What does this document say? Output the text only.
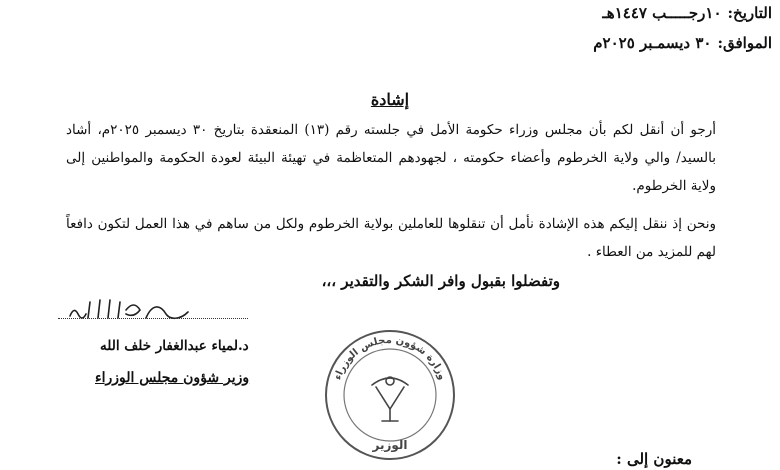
التاريخ:
١٠رجـــــب ١٤٤٧هـ
الموافق:
٣٠ ديسمـبر ٢٠٢٥م
إشادة
أرجو أن أنقل لكم بأن مجلس وزراء حكومة الأمل في جلسته رقم (١٣) المنعقدة بتاريخ ٣٠ ديسمبر ٢٠٢٥م، أشاد بالسيد/ والي ولاية الخرطوم وأعضاء حكومته ، لجهودهم المتعاظمة في تهيئة البيئة لعودة الحكومة والمواطنين إلى ولاية الخرطوم.
ونحن إذ ننقل إليكم هذه الإشادة نأمل أن تنقلوها للعاملين بولاية الخرطوم ولكل من ساهم في هذا العمل لتكون دافعاً لهم للمزيد من العطاء .
وتفضلوا بقبول وافر الشكر والتقدير ،،،
د.لمياء عبدالغفار خلف الله
وزير شؤون مجلس الوزراء	وزارة شؤون مجلس الوزراء
الوزير
معنون إلى :
